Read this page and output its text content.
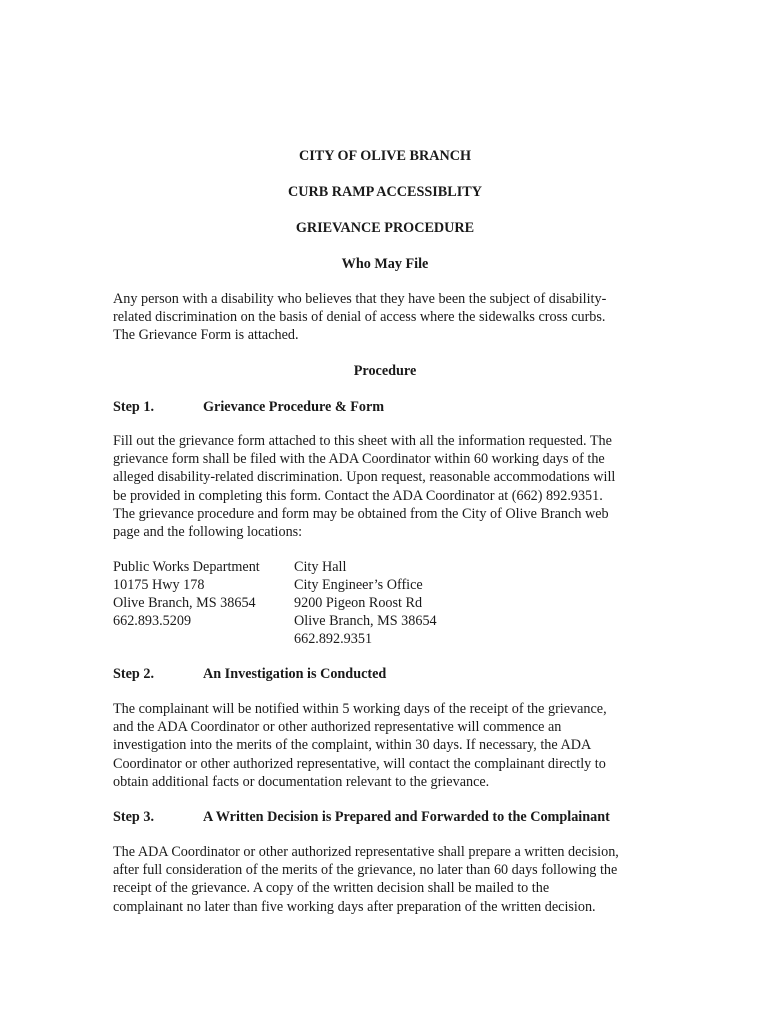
CITY OF OLIVE BRANCH
CURB RAMP ACCESSIBLITY
GRIEVANCE PROCEDURE
Who May File
Any person with a disability who believes that they have been the subject of disability-
related discrimination on the basis of denial of access where the sidewalks cross curbs.
The Grievance Form is attached.
Procedure
Step 1.	Grievance Procedure & Form
Fill out the grievance form attached to this sheet with all the information requested. The
grievance form shall be filed with the ADA Coordinator within 60 working days of the
alleged disability-related discrimination. Upon request, reasonable accommodations will
be provided in completing this form. Contact the ADA Coordinator at (662) 892.9351.
The grievance procedure and form may be obtained from the City of Olive Branch web
page and the following locations:
Public Works Department
10175 Hwy 178
Olive Branch, MS 38654
662.893.5209
City Hall
City Engineer’s Office
9200 Pigeon Roost Rd
Olive Branch, MS 38654
662.892.9351
Step 2.	An Investigation is Conducted
The complainant will be notified within 5 working days of the receipt of the grievance,
and the ADA Coordinator or other authorized representative will commence an
investigation into the merits of the complaint, within 30 days. If necessary, the ADA
Coordinator or other authorized representative, will contact the complainant directly to
obtain additional facts or documentation relevant to the grievance.
Step 3.	A Written Decision is Prepared and Forwarded to the Complainant
The ADA Coordinator or other authorized representative shall prepare a written decision,
after full consideration of the merits of the grievance, no later than 60 days following the
receipt of the grievance. A copy of the written decision shall be mailed to the
complainant no later than five working days after preparation of the written decision.
